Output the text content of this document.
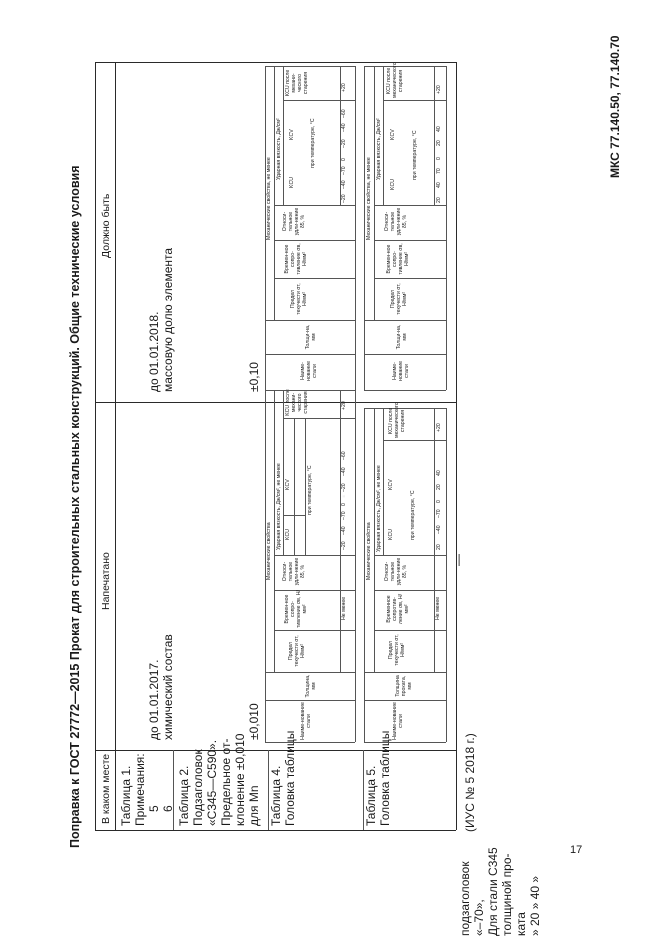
МКС 77.140.50, 77.140.70
Поправка к ГОСТ 27772—2015 Прокат для строительных стальных конструкций. Общие технические условия
17
(ИУС № 5 2018 г.)
·
В каком месте
Напечатано
Должно быть
Таблица 1. Примечания: 5 6
до 01.01.2017. химический состав
до 01.01.2018. массовую долю элемента
Таблица 2. Подзаголовок «С345—С590». Предельное от- клонение ±0,010 для Mn
±0,010
±0,10
Таблица 4. Головка таблицы	Таблица 5. Головка таблицы
подзаголовок «–70», Для стали С345 толщиной про- ката » 20 » 40 »
—
Наиме-нование стали
Толщина, мм
Механические свойства
Предел текучести σт, Н/мм²
Времен-ное сопро-тивление σв, Н/мм²
Относи-тельное удли-нение δ5, %
Не менее
Ударная вязкость, Дж/см², не менее KCU
KCV
KCU после механи-ческого старения
при температуре, °С
–20
–40
–70
0
–20
–40
–60
+20
Наиме-нование стали
Толщи-на, мм
Механические свойства, не менее
Предел текучести σт, Н/мм²
Времен-ное сопро-тивление σв, Н/мм²
Относи-тельное удли-нение δ5, %
Ударная вязкость, Дж/см²
KCU
KCV
KCU после механи-ческого старения
при температуре, °С
–20
–40
–70
0
–20
–40
–60
+20
Наиме-нование стали
Толщина проката, мм
Механические свойства
Предел текучести σт, Н/мм²
Временное сопротив-ление σв, Н/мм²
Относи-тельное удли-нение δ5, %
Не менее
Ударная вязкость, Дж/см², не менее KCU
KCV
KCU после механического старения
при температуре, °С
20
–40
–70
0
20
40
+20
Наиме-нование стали
Толщи-на, мм
Механические свойства, не менее
Предел текучести σт, Н/мм²
Времен-ное сопро-тивление σв, Н/мм²
Относи-тельное удли-нение δ5, %
Ударная вязкость, Дж/см²
KCU
KCV
KCU после механического старения
при температуре, °С
20
40
70
0
20
40
+20
